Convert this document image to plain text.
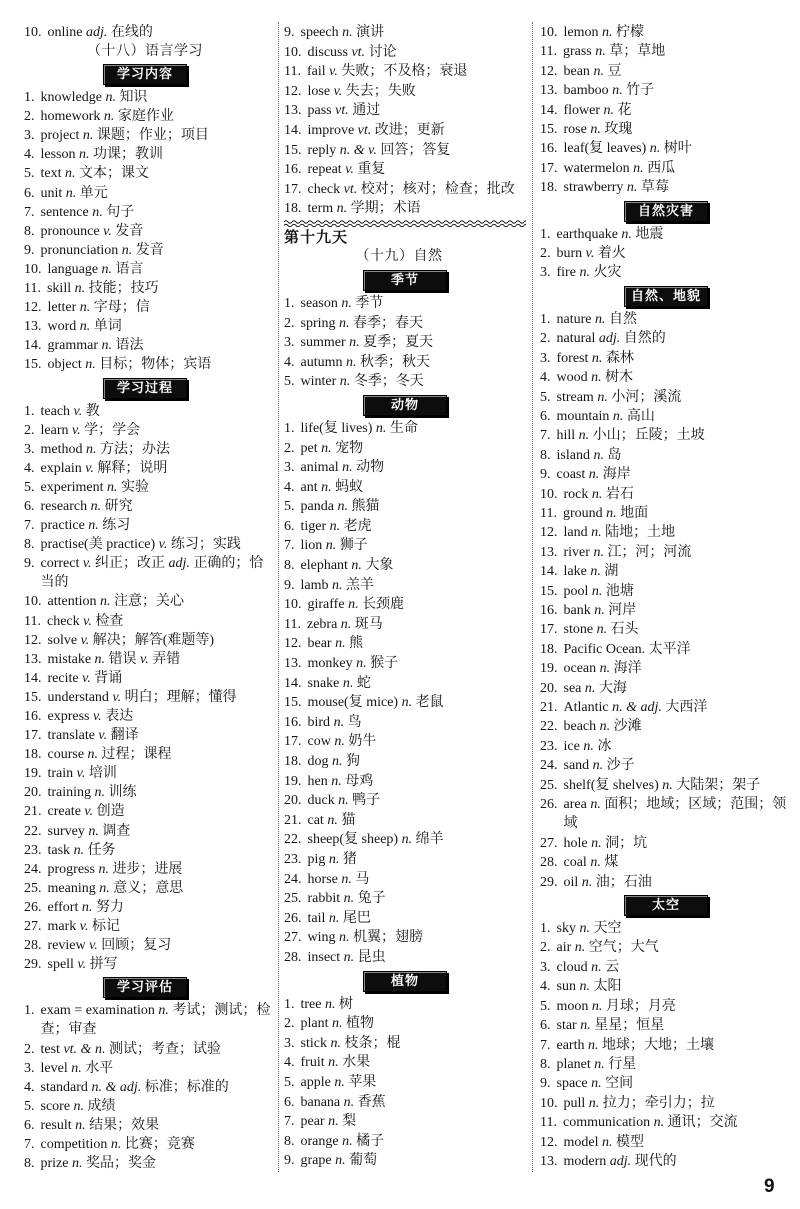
10. online adj. 在线的
（十八）语言学习
学习内容
1. knowledge n. 知识
2. homework n. 家庭作业
3. project n. 课题；作业；项目
4. lesson n. 功课；教训
5. text n. 文本；课文
6. unit n. 单元
7. sentence n. 句子
8. pronounce v. 发音
9. pronunciation n. 发音
10. language n. 语言
11. skill n. 技能；技巧
12. letter n. 字母；信
13. word n. 单词
14. grammar n. 语法
15. object n. 目标；物体；宾语
学习过程
1. teach v. 教
2. learn v. 学；学会
3. method n. 方法；办法
4. explain v. 解释；说明
5. experiment n. 实验
6. research n. 研究
7. practice n. 练习
8. practise(美 practice) v. 练习；实践
9. correct v. 纠正；改正 adj. 正确的；恰当的
10. attention n. 注意；关心
11. check v. 检查
12. solve v. 解决；解答(难题等)
13. mistake n. 错误 v. 弄错
14. recite v. 背诵
15. understand v. 明白；理解；懂得
16. express v. 表达
17. translate v. 翻译
18. course n. 过程；课程
19. train v. 培训
20. training n. 训练
21. create v. 创造
22. survey n. 调查
23. task n. 任务
24. progress n. 进步；进展
25. meaning n. 意义；意思
26. effort n. 努力
27. mark v. 标记
28. review v. 回顾；复习
29. spell v. 拼写
学习评估
1. exam = examination n. 考试；测试；检查；审查
2. test vt. & n. 测试；考查；试验
3. level n. 水平
4. standard n. & adj. 标准；标准的
5. score n. 成绩
6. result n. 结果；效果
7. competition n. 比赛；竞赛
8. prize n. 奖品；奖金
9. speech n. 演讲
10. discuss vt. 讨论
11. fail v. 失败；不及格；衰退
12. lose v. 失去；失败
13. pass vt. 通过
14. improve vt. 改进；更新
15. reply n. & v. 回答；答复
16. repeat v. 重复
17. check vt. 校对；核对；检查；批改
18. term n. 学期；术语
第十九天
（十九）自然
季节
1. season n. 季节
2. spring n. 春季；春天
3. summer n. 夏季；夏天
4. autumn n. 秋季；秋天
5. winter n. 冬季；冬天
动物
1. life(复 lives) n. 生命
2. pet n. 宠物
3. animal n. 动物
4. ant n. 蚂蚁
5. panda n. 熊猫
6. tiger n. 老虎
7. lion n. 狮子
8. elephant n. 大象
9. lamb n. 羔羊
10. giraffe n. 长颈鹿
11. zebra n. 斑马
12. bear n. 熊
13. monkey n. 猴子
14. snake n. 蛇
15. mouse(复 mice) n. 老鼠
16. bird n. 鸟
17. cow n. 奶牛
18. dog n. 狗
19. hen n. 母鸡
20. duck n. 鸭子
21. cat n. 猫
22. sheep(复 sheep) n. 绵羊
23. pig n. 猪
24. horse n. 马
25. rabbit n. 兔子
26. tail n. 尾巴
27. wing n. 机翼；翅膀
28. insect n. 昆虫
植物
1. tree n. 树
2. plant n. 植物
3. stick n. 枝条；棍
4. fruit n. 水果
5. apple n. 苹果
6. banana n. 香蕉
7. pear n. 梨
8. orange n. 橘子
9. grape n. 葡萄
10. lemon n. 柠檬
11. grass n. 草；草地
12. bean n. 豆
13. bamboo n. 竹子
14. flower n. 花
15. rose n. 玫瑰
16. leaf(复 leaves) n. 树叶
17. watermelon n. 西瓜
18. strawberry n. 草莓
自然灾害
1. earthquake n. 地震
2. burn v. 着火
3. fire n. 火灾
自然、地貌
1. nature n. 自然
2. natural adj. 自然的
3. forest n. 森林
4. wood n. 树木
5. stream n. 小河；溪流
6. mountain n. 高山
7. hill n. 小山；丘陵；土坡
8. island n. 岛
9. coast n. 海岸
10. rock n. 岩石
11. ground n. 地面
12. land n. 陆地；土地
13. river n. 江；河；河流
14. lake n. 湖
15. pool n. 池塘
16. bank n. 河岸
17. stone n. 石头
18. Pacific Ocean. 太平洋
19. ocean n. 海洋
20. sea n. 大海
21. Atlantic n. & adj. 大西洋
22. beach n. 沙滩
23. ice n. 冰
24. sand n. 沙子
25. shelf(复 shelves) n. 大陆架；架子
26. area n. 面积；地域；区域；范围；领域
27. hole n. 洞；坑
28. coal n. 煤
29. oil n. 油；石油
太空
1. sky n. 天空
2. air n. 空气；大气
3. cloud n. 云
4. sun n. 太阳
5. moon n. 月球；月亮
6. star n. 星星；恒星
7. earth n. 地球；大地；土壤
8. planet n. 行星
9. space n. 空间
10. pull n. 拉力；牵引力；拉
11. communication n. 通讯；交流
12. model n. 模型
13. modern adj. 现代的
9
